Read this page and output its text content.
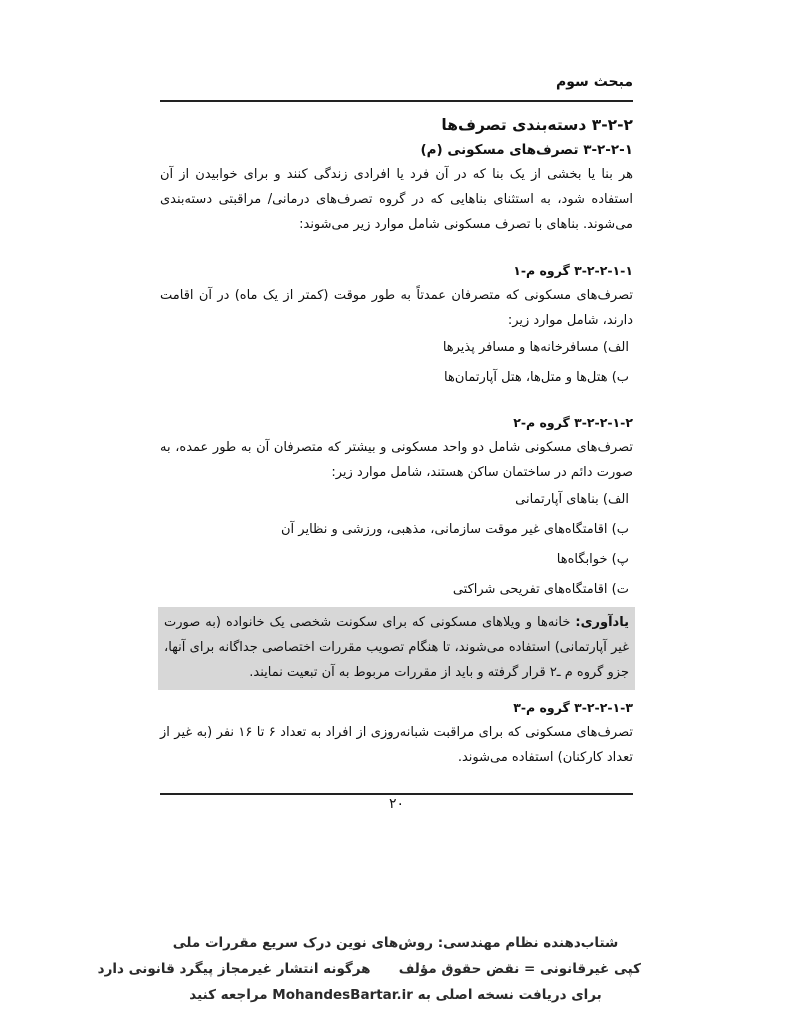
مبحث سوم

۳-۲-۲ دسته‌بندی تصرف‌ها

۳-۲-۲-۱ تصرف‌های مسکونی (م)

هر بنا یا بخشی از یک بنا که در آن فرد یا افرادی زندگی کنند و برای خوابیدن از آن استفاده شود، به استثنای بناهایی که در گروه تصرف‌های درمانی/ مراقبتی دسته‌بندی می‌شوند. بناهای با تصرف مسکونی شامل موارد زیر می‌شوند:

۳-۲-۲-۱-۱ گروه م-۱

تصرف‌های مسکونی که متصرفان عمدتاً به طور موقت (کمتر از یک ماه) در آن اقامت دارند، شامل موارد زیر:

الف) مسافرخانه‌ها و مسافر پذیرها

ب) هتل‌ها و متل‌ها، هتل آپارتمان‌ها

۳-۲-۲-۱-۲ گروه م-۲

تصرف‌های مسکونی شامل دو واحد مسکونی و بیشتر که متصرفان آن به طور عمده، به صورت دائم در ساختمان ساکن هستند، شامل موارد زیر:

الف) بناهای آپارتمانی

ب) اقامتگاه‌های غیر موقت سازمانی، مذهبی، ورزشی و نظایر آن

پ) خوابگاه‌ها

ت) اقامتگاه‌های تفریحی شراکتی

یادآوری: خانه‌ها و ویلاهای مسکونی که برای سکونت شخصی یک خانواده (به صورت غیر آپارتمانی) استفاده می‌شوند، تا هنگام تصویب مقررات اختصاصی جداگانه برای آنها، جزو گروه م ـ۲ قرار گرفته و باید از مقررات مربوط به آن تبعیت نمایند.

۳-۲-۲-۱-۳ گروه م-۳

تصرف‌های مسکونی که برای مراقبت شبانه‌روزی از افراد به تعداد ۶ تا ۱۶ نفر (به غیر از تعداد کارکنان) استفاده می‌شوند.

۲۰
شتاب‌دهنده نظام مهندسی: روش‌های نوین درک سریع مقررات ملی
کپی غیرقانونی = نقض حقوق مؤلف      هرگونه انتشار غیرمجاز پیگرد قانونی دارد
برای دریافت نسخه اصلی به MohandesBartar.ir مراجعه کنید
